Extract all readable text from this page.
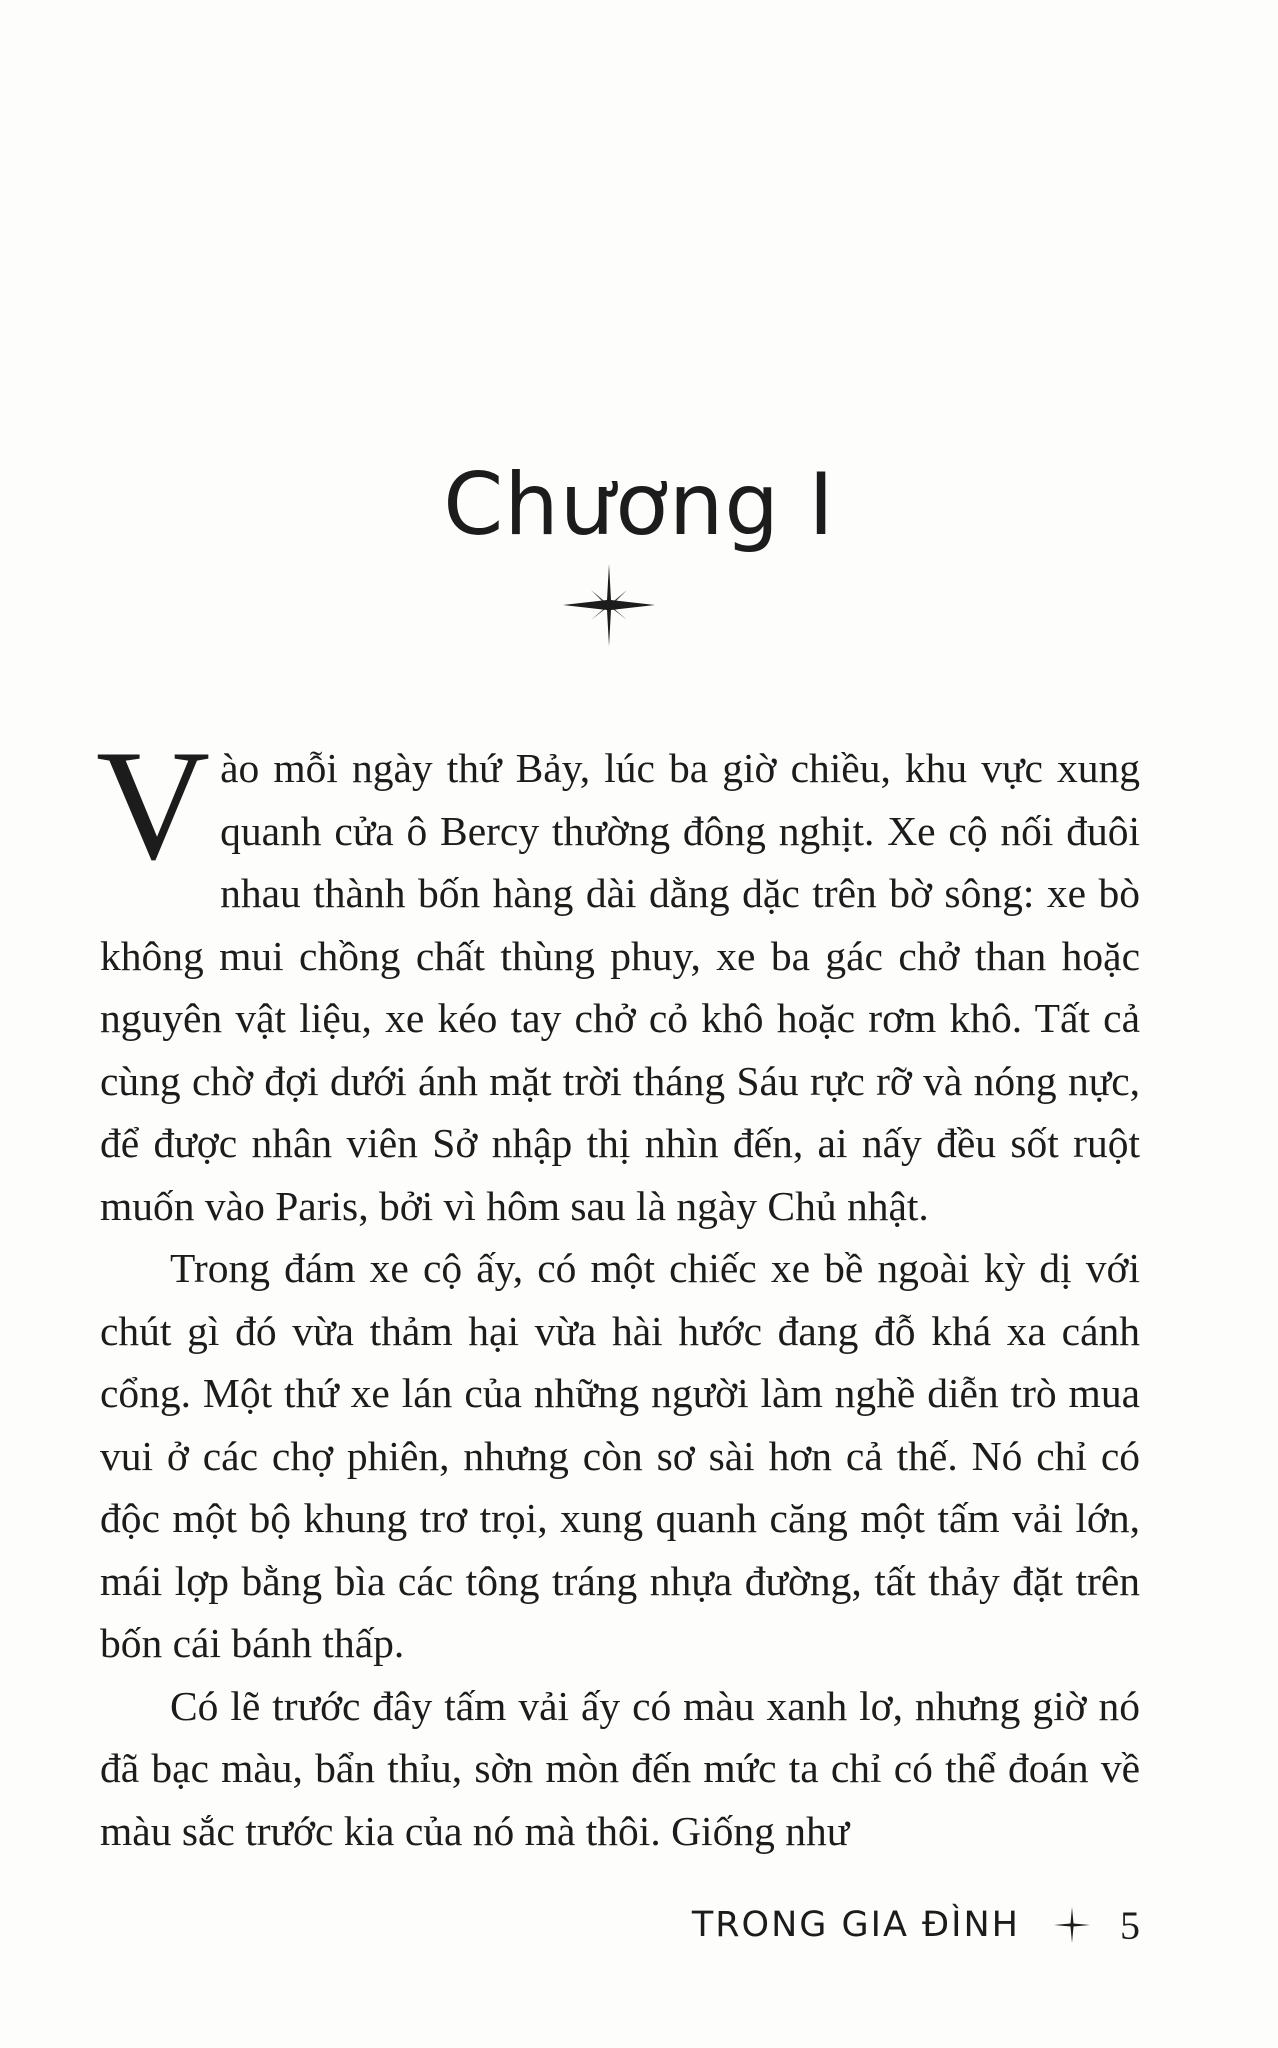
Chương I

Vào mỗi ngày thứ Bảy, lúc ba giờ chiều, khu vực xung quanh cửa ô Bercy thường đông nghịt. Xe cộ nối đuôi nhau thành bốn hàng dài dằng dặc trên bờ sông: xe bò không mui chồng chất thùng phuy, xe ba gác chở than hoặc nguyên vật liệu, xe kéo tay chở cỏ khô hoặc rơm khô. Tất cả cùng chờ đợi dưới ánh mặt trời tháng Sáu rực rỡ và nóng nực, để được nhân viên Sở nhập thị nhìn đến, ai nấy đều sốt ruột muốn vào Paris, bởi vì hôm sau là ngày Chủ nhật.

Trong đám xe cộ ấy, có một chiếc xe bề ngoài kỳ dị với chút gì đó vừa thảm hại vừa hài hước đang đỗ khá xa cánh cổng. Một thứ xe lán của những người làm nghề diễn trò mua vui ở các chợ phiên, nhưng còn sơ sài hơn cả thế. Nó chỉ có độc một bộ khung trơ trọi, xung quanh căng một tấm vải lớn, mái lợp bằng bìa các tông tráng nhựa đường, tất thảy đặt trên bốn cái bánh thấp.

Có lẽ trước đây tấm vải ấy có màu xanh lơ, nhưng giờ nó đã bạc màu, bẩn thỉu, sờn mòn đến mức ta chỉ có thể đoán về màu sắc trước kia của nó mà thôi. Giống như

TRONG GIA ĐÌNH	5
